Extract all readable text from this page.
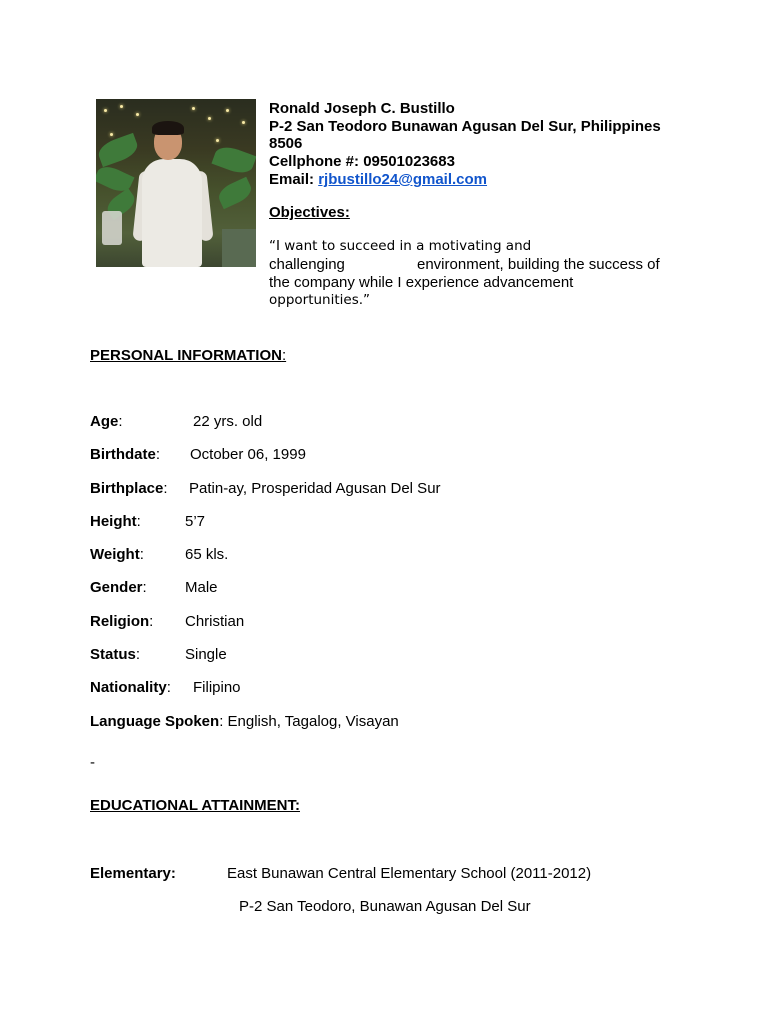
Ronald Joseph C. Bustillo
P-2 San Teodoro Bunawan Agusan Del Sur, Philippines
8506
Cellphone #: 09501023683
Email: rjbustillo24@gmail.com
Objectives:
“I want to succeed in a motivating and
challenging	environment, building the success of
the company while I experience advancement
opportunities.”
PERSONAL INFORMATION:
Age:	22 yrs. old
Birthdate: October 06, 1999
Birthplace: Patin-ay, Prosperidad Agusan Del Sur
Height:	5’7
Weight:	65 kls.
Gender:	Male
Religion: Christian
Status:	Single
Nationality: Filipino
Language Spoken: English, Tagalog, Visayan
-
EDUCATIONAL ATTAINMENT:
Elementary:	East Bunawan Central Elementary School (2011-2012)
P-2 San Teodoro, Bunawan Agusan Del Sur
